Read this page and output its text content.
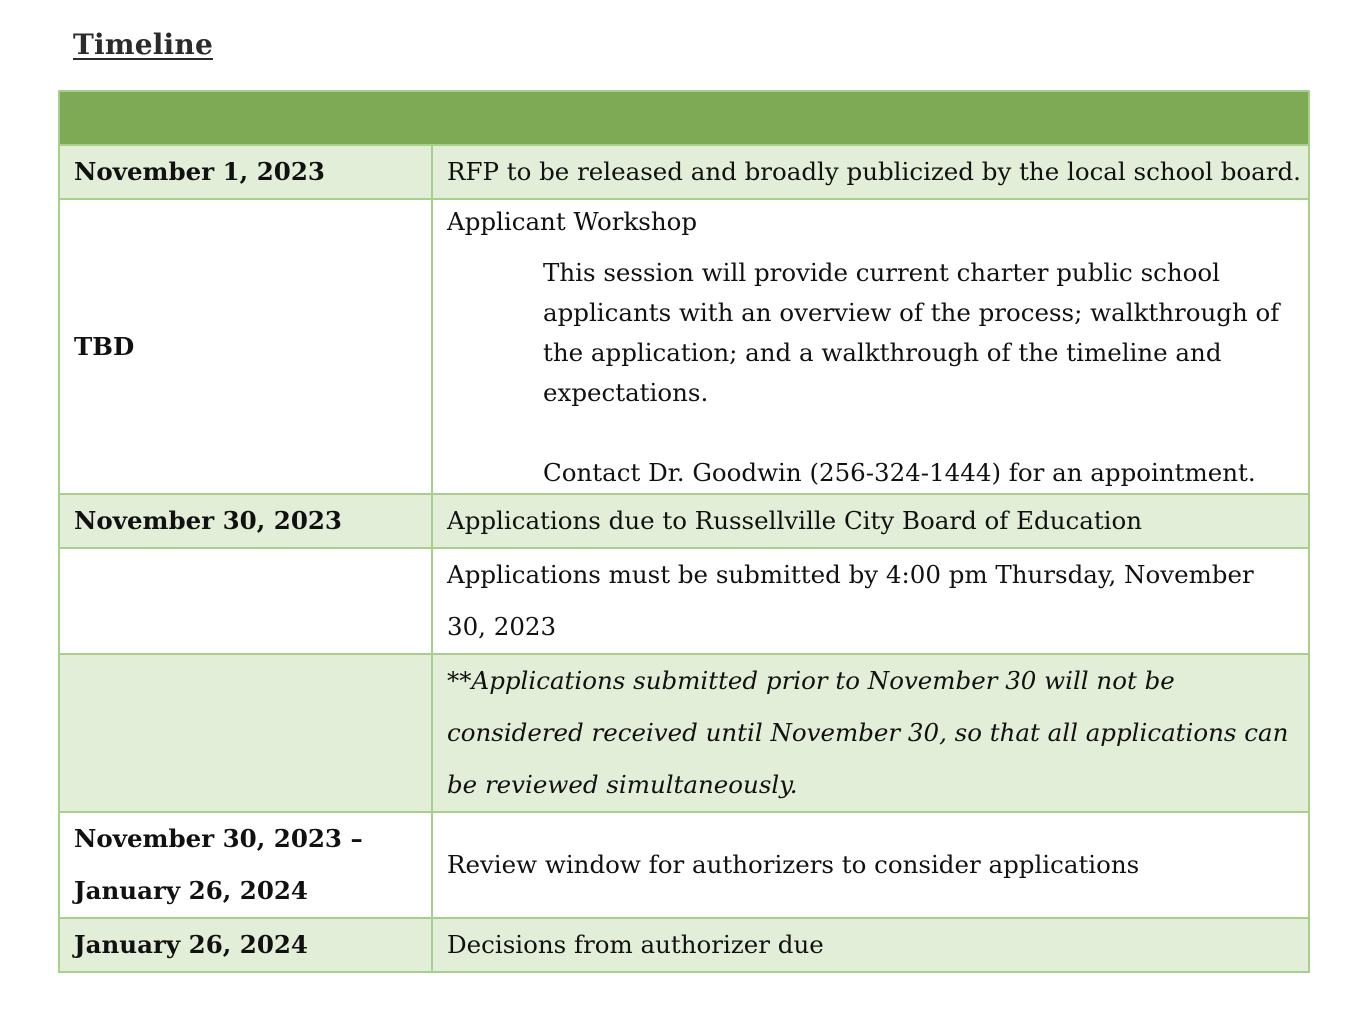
Timeline

November 1, 2023	RFP to be released and broadly publicized by the local school board.
TBD	Applicant Workshop
This session will provide current charter public school applicants with an overview of the process; walkthrough of the application; and a walkthrough of the timeline and expectations.
Contact Dr. Goodwin (256-324-1444) for an appointment.

November 30, 2023	Applications due to Russellville City Board of Education
	Applications must be submitted by 4:00 pm Thursday, November 30, 2023
	**Applications submitted prior to November 30 will not be considered received until November 30, so that all applications can be reviewed simultaneously.
November 30, 2023 – January 26, 2024	Review window for authorizers to consider applications
January 26, 2024	Decisions from authorizer due
